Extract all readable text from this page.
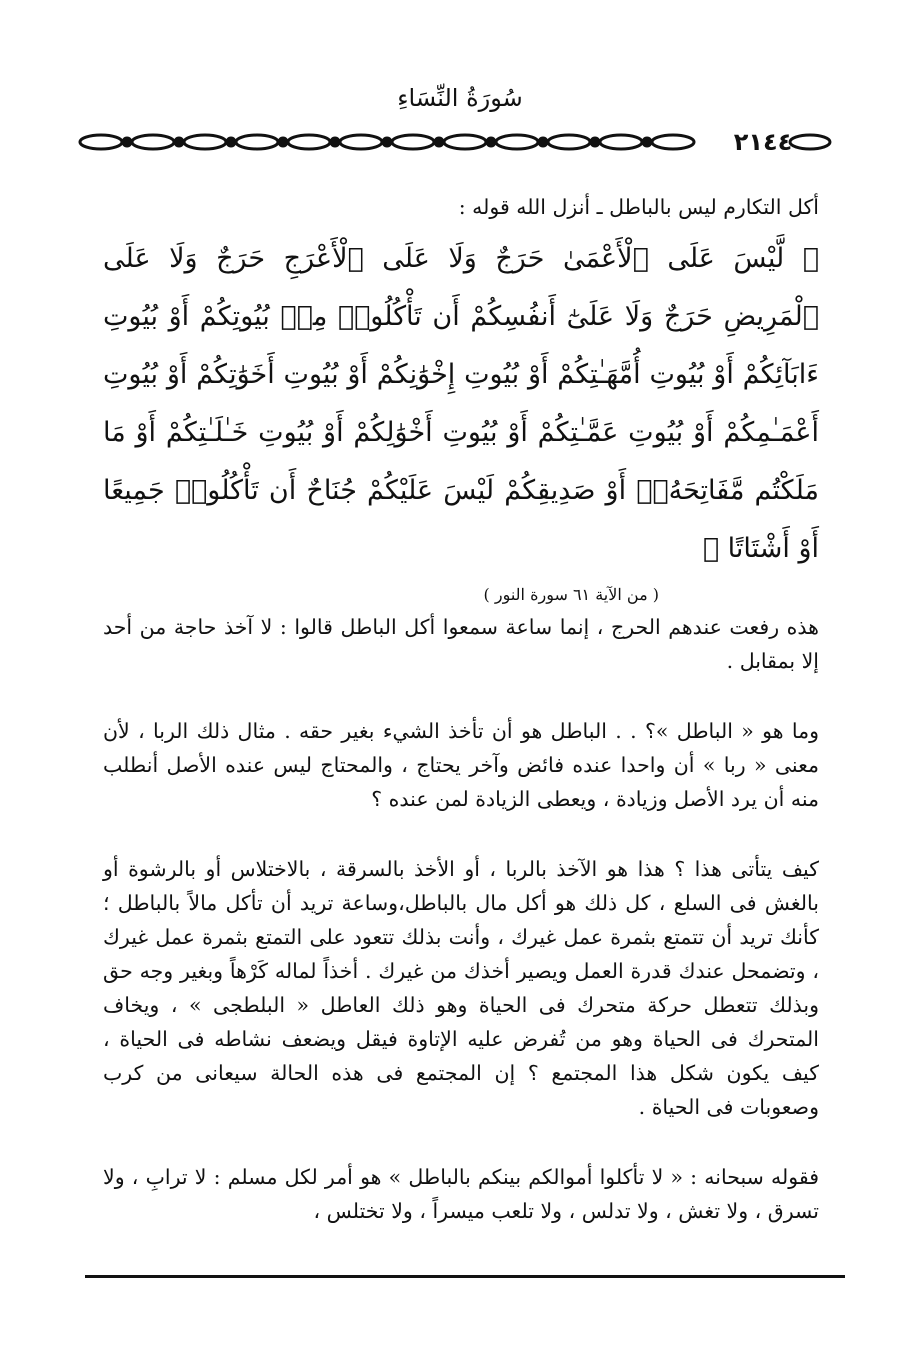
سُورَةُ النِّسَاءِ
٢١٤٤

أكل التكارم ليس بالباطل ـ أنزل الله قوله :

﴿ لَّيْسَ عَلَى ٱلْأَعْمَىٰ حَرَجٌ وَلَا عَلَى ٱلْأَعْرَجِ حَرَجٌ وَلَا عَلَى ٱلْمَرِيضِ حَرَجٌ وَلَا عَلَىٰٓ أَنفُسِكُمْ أَن تَأْكُلُوا۟ مِنۢ بُيُوتِكُمْ أَوْ بُيُوتِ ءَابَآئِكُمْ أَوْ بُيُوتِ أُمَّهَـٰتِكُمْ أَوْ بُيُوتِ إِخْوَٰنِكُمْ أَوْ بُيُوتِ أَخَوَٰتِكُمْ أَوْ بُيُوتِ أَعْمَـٰمِكُمْ أَوْ بُيُوتِ عَمَّـٰتِكُمْ أَوْ بُيُوتِ أَخْوَٰلِكُمْ أَوْ بُيُوتِ خَـٰلَـٰتِكُمْ أَوْ مَا مَلَكْتُم مَّفَاتِحَهُۥٓ أَوْ صَدِيقِكُمْ لَيْسَ عَلَيْكُمْ جُنَاحٌ أَن تَأْكُلُوا۟ جَمِيعًا أَوْ أَشْتَاتًا ﴾

( من الآية ٦١ سورة النور )

هذه رفعت عندهم الحرج ، إنما ساعة سمعوا أكل الباطل قالوا : لا آخذ حاجة من أحد إلا بمقابل .

وما هو « الباطل »؟ . . الباطل هو أن تأخذ الشيء بغير حقه . مثال ذلك الربا ، لأن معنى « ربا » أن واحدا عنده فائض وآخر يحتاج ، والمحتاج ليس عنده الأصل أنطلب منه أن يرد الأصل وزيادة ، ويعطى الزيادة لمن عنده ؟

كيف يتأتى هذا ؟ هذا هو الآخذ بالربا ، أو الأخذ بالسرقة ، بالاختلاس أو بالرشوة أو بالغش فى السلع ، كل ذلك هو أكل مال بالباطل،وساعة تريد أن تأكل مالاً بالباطل ؛ كأنك تريد أن تتمتع بثمرة عمل غيرك ، وأنت بذلك تتعود على التمتع بثمرة عمل غيرك ، وتضمحل عندك قدرة العمل ويصير أخذك من غيرك . أخذاً لماله كَرْهاً وبغير وجه حق وبذلك تتعطل حركة متحرك فى الحياة وهو ذلك العاطل « البلطجى » ، ويخاف المتحرك فى الحياة وهو من تُفرض عليه الإتاوة فيقل ويضعف نشاطه فى الحياة ، كيف يكون شكل هذا المجتمع ؟ إن المجتمع فى هذه الحالة سيعانى من كرب وصعوبات فى الحياة .

فقوله سبحانه : « لا تأكلوا أموالكم بينكم بالباطل » هو أمر لكل مسلم : لا ترابِ ، ولا تسرق ، ولا تغش ، ولا تدلس ، ولا تلعب ميسراً ، ولا تختلس ،
